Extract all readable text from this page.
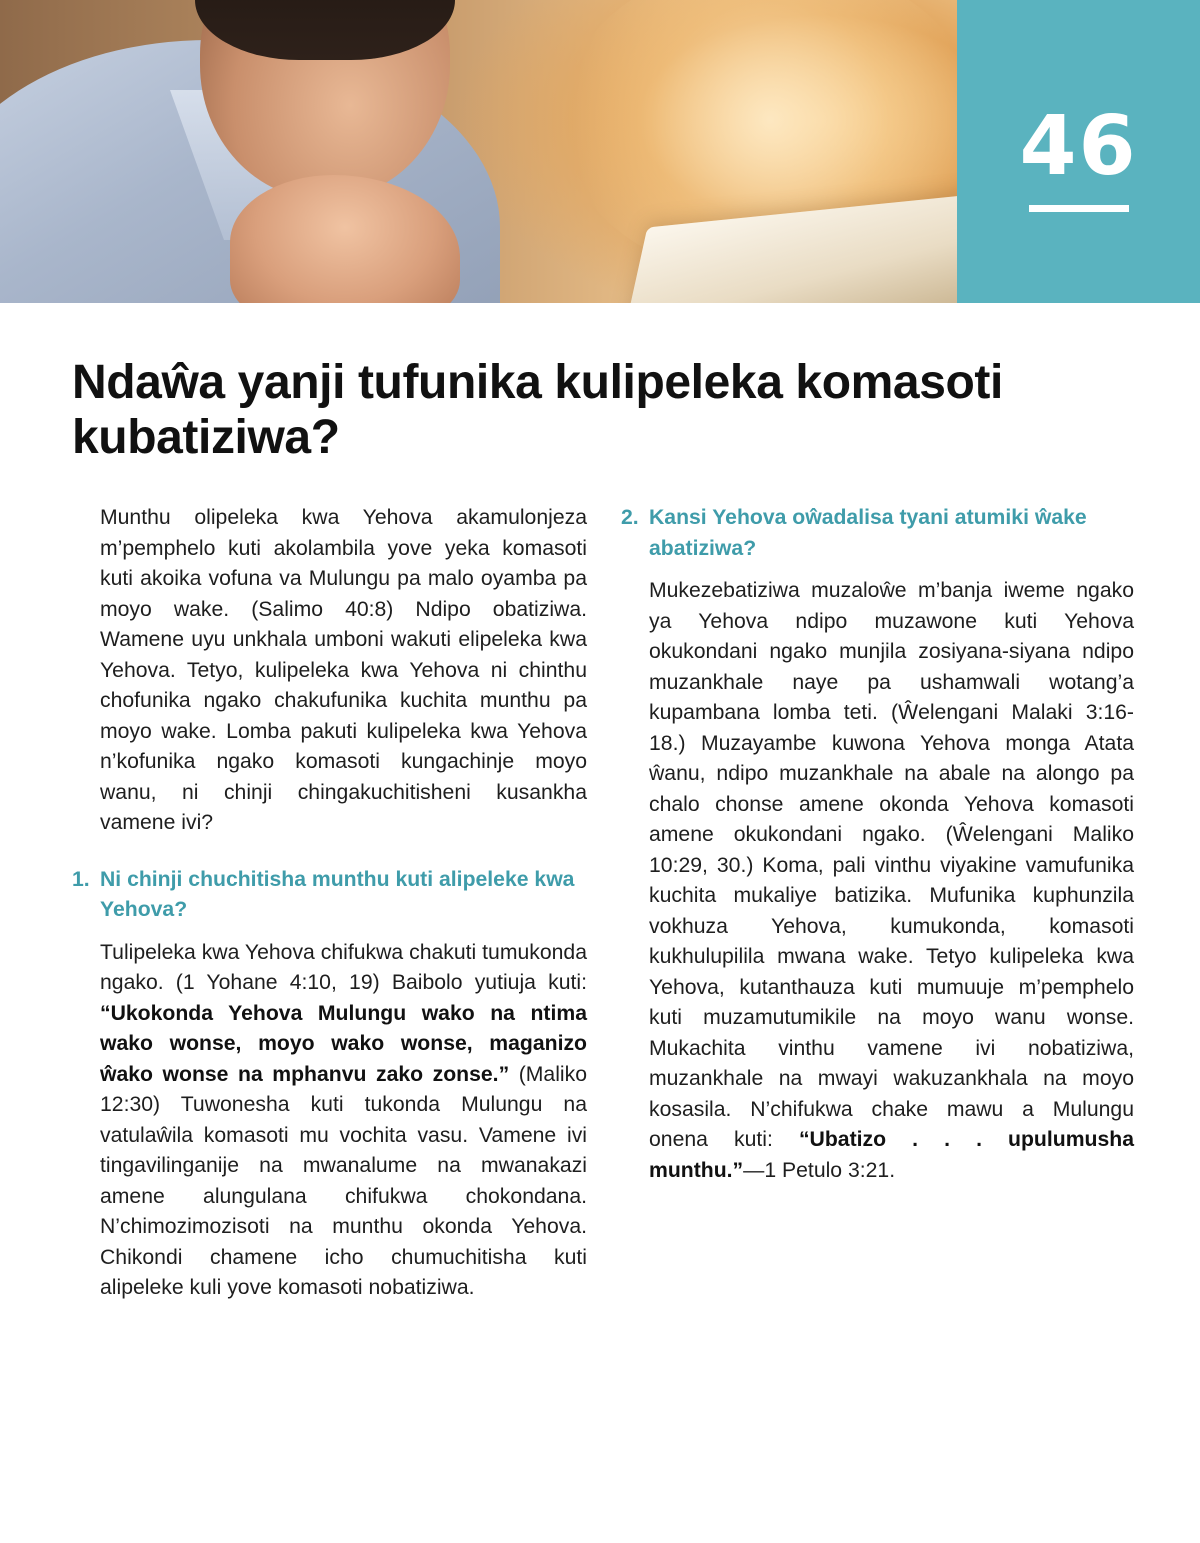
46
Ndaŵa yanji tufunika kulipeleka komasoti kubatiziwa?

Munthu olipeleka kwa Yehova akamulonjeza m’pemphelo kuti akolambila yove yeka komasoti kuti akoika vofuna va Mulungu pa malo oyamba pa moyo wake. (Salimo 40:8) Ndipo obatiziwa. Wamene uyu unkhala umboni wakuti elipeleka kwa Yehova. Tetyo, kulipeleka kwa Yehova ni chinthu chofunika ngako chakufunika kuchita munthu pa moyo wake. Lomba pakuti kulipeleka kwa Yehova n’kofunika ngako komasoti kungachinje moyo wanu, ni chinji chingakuchitisheni kusankha vamene ivi?

1. Ni chinji chuchitisha munthu kuti alipeleke kwa Yehova?

Tulipeleka kwa Yehova chifukwa chakuti tumukonda ngako. (1 Yohane 4:10, 19) Baibolo yutiuja kuti: “Ukokonda Yehova Mulungu wako na ntima wako wonse, moyo wako wonse, maganizo ŵako wonse na mphanvu zako zonse.” (Maliko 12:30) Tuwonesha kuti tukonda Mulungu na vatulaŵila komasoti mu vochita vasu. Vamene ivi tingavilinganije na mwanalume na mwanakazi amene alungulana chifukwa chokondana. N’chimozimozisoti na munthu okonda Yehova. Chikondi chamene icho chumuchitisha kuti alipeleke kuli yove komasoti nobatiziwa.

2. Kansi Yehova oŵadalisa tyani atumiki ŵake abatiziwa?

Mukezebatiziwa muzaloŵe m’banja iweme ngako ya Yehova ndipo muzawone kuti Yehova okukondani ngako munjila zosiyana-siyana ndipo muzankhale naye pa ushamwali wotang’a kupambana lomba teti. (Ŵelengani Malaki 3:16-18.) Muzayambe kuwona Yehova monga Atata ŵanu, ndipo muzankhale na abale na alongo pa chalo chonse amene okonda Yehova komasoti amene okukondani ngako. (Ŵelengani Maliko 10:29, 30.) Koma, pali vinthu viyakine vamufunika kuchita mukaliye batizika. Mufunika kuphunzila vokhuza Yehova, kumukonda, komasoti kukhulupilila mwana wake. Tetyo kulipeleka kwa Yehova, kutanthauza kuti mumuuje m’pemphelo kuti muzamutumikile na moyo wanu wonse. Mukachita vinthu vamene ivi nobatiziwa, muzankhale na mwayi wakuzankhala na moyo kosasila. N’chifukwa chake mawu a Mulungu onena kuti: “Ubatizo . . . upulumusha munthu.”—1 Petulo 3:21.
